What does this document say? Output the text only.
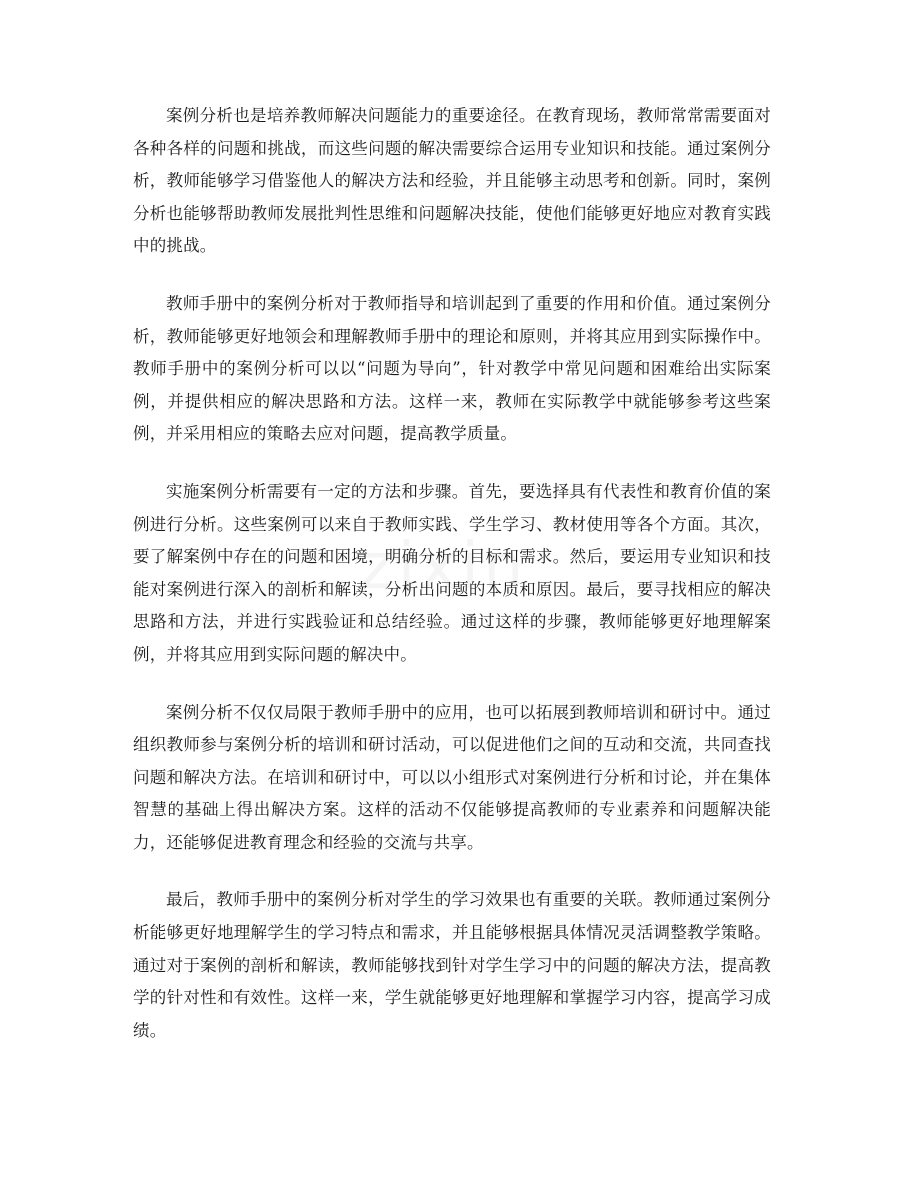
案例分析也是培养教师解决问题能力的重要途径。在教育现场，教师常常需要面对各种各样的问题和挑战，而这些问题的解决需要综合运用专业知识和技能。通过案例分析，教师能够学习借鉴他人的解决方法和经验，并且能够主动思考和创新。同时，案例分析也能够帮助教师发展批判性思维和问题解决技能，使他们能够更好地应对教育实践中的挑战。

教师手册中的案例分析对于教师指导和培训起到了重要的作用和价值。通过案例分析，教师能够更好地领会和理解教师手册中的理论和原则，并将其应用到实际操作中。教师手册中的案例分析可以以“问题为导向”，针对教学中常见问题和困难给出实际案例，并提供相应的解决思路和方法。这样一来，教师在实际教学中就能够参考这些案例，并采用相应的策略去应对问题，提高教学质量。

实施案例分析需要有一定的方法和步骤。首先，要选择具有代表性和教育价值的案例进行分析。这些案例可以来自于教师实践、学生学习、教材使用等各个方面。其次，要了解案例中存在的问题和困境，明确分析的目标和需求。然后，要运用专业知识和技能对案例进行深入的剖析和解读，分析出问题的本质和原因。最后，要寻找相应的解决思路和方法，并进行实践验证和总结经验。通过这样的步骤，教师能够更好地理解案例，并将其应用到实际问题的解决中。

案例分析不仅仅局限于教师手册中的应用，也可以拓展到教师培训和研讨中。通过组织教师参与案例分析的培训和研讨活动，可以促进他们之间的互动和交流，共同查找问题和解决方法。在培训和研讨中，可以以小组形式对案例进行分析和讨论，并在集体智慧的基础上得出解决方案。这样的活动不仅能够提高教师的专业素养和问题解决能力，还能够促进教育理念和经验的交流与共享。

最后，教师手册中的案例分析对学生的学习效果也有重要的关联。教师通过案例分析能够更好地理解学生的学习特点和需求，并且能够根据具体情况灵活调整教学策略。通过对于案例的剖析和解读，教师能够找到针对学生学习中的问题的解决方法，提高教学的针对性和有效性。这样一来，学生就能够更好地理解和掌握学习内容，提高学习成绩。
